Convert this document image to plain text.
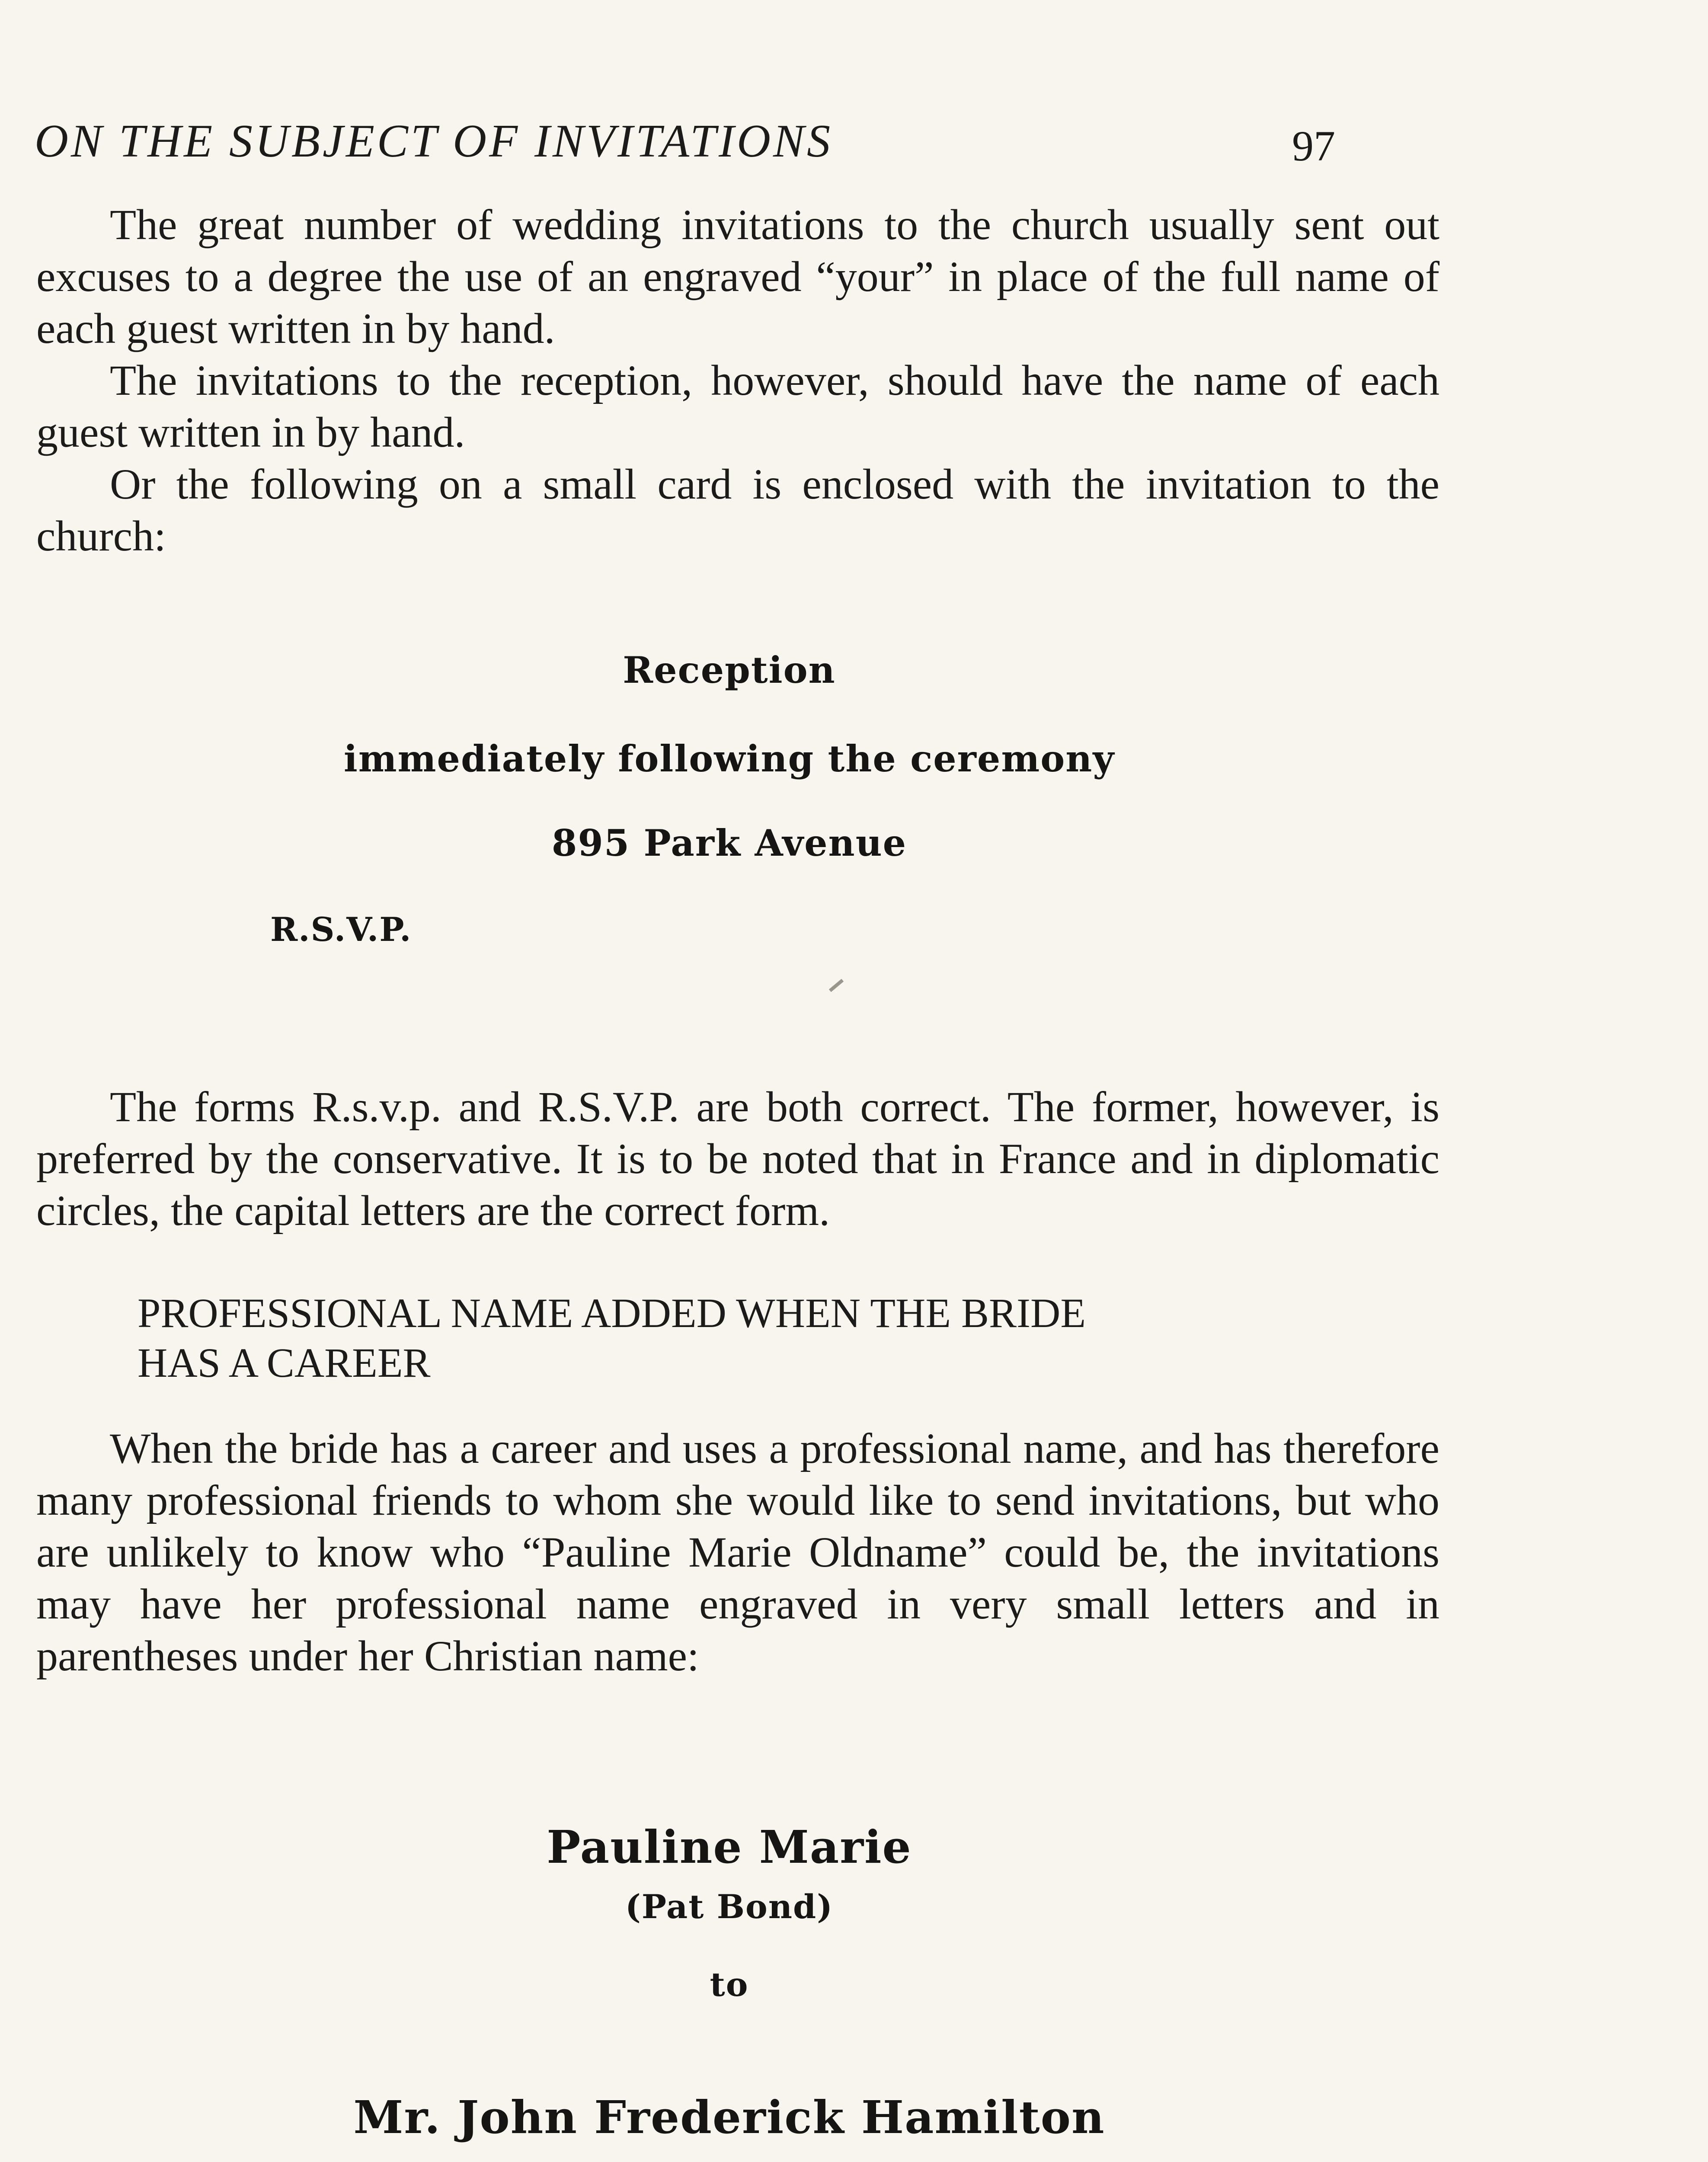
ON THE SUBJECT OF INVITATIONS	97

The great number of wedding invitations to the church usually sent out excuses to a degree the use of an engraved “your” in place of the full name of each guest written in by hand.

The invitations to the reception, however, should have the name of each guest written in by hand.

Or the following on a small card is enclosed with the invitation to the church:

Reception
immediately following the ceremony
895 Park Avenue
R.S.V.P.

The forms R.s.v.p. and R.S.V.P. are both correct. The former, however, is preferred by the conservative. It is to be noted that in France and in diplomatic circles, the capital letters are the correct form.

PROFESSIONAL NAME ADDED WHEN THE BRIDE
HAS A CAREER

When the bride has a career and uses a professional name, and has therefore many professional friends to whom she would like to send invitations, but who are unlikely to know who “Pauline Marie Oldname” could be, the invitations may have her professional name engraved in very small letters and in parentheses under her Christian name:

Pauline Marie
(Pat Bond)
to
Mr. John Frederick Hamilton
